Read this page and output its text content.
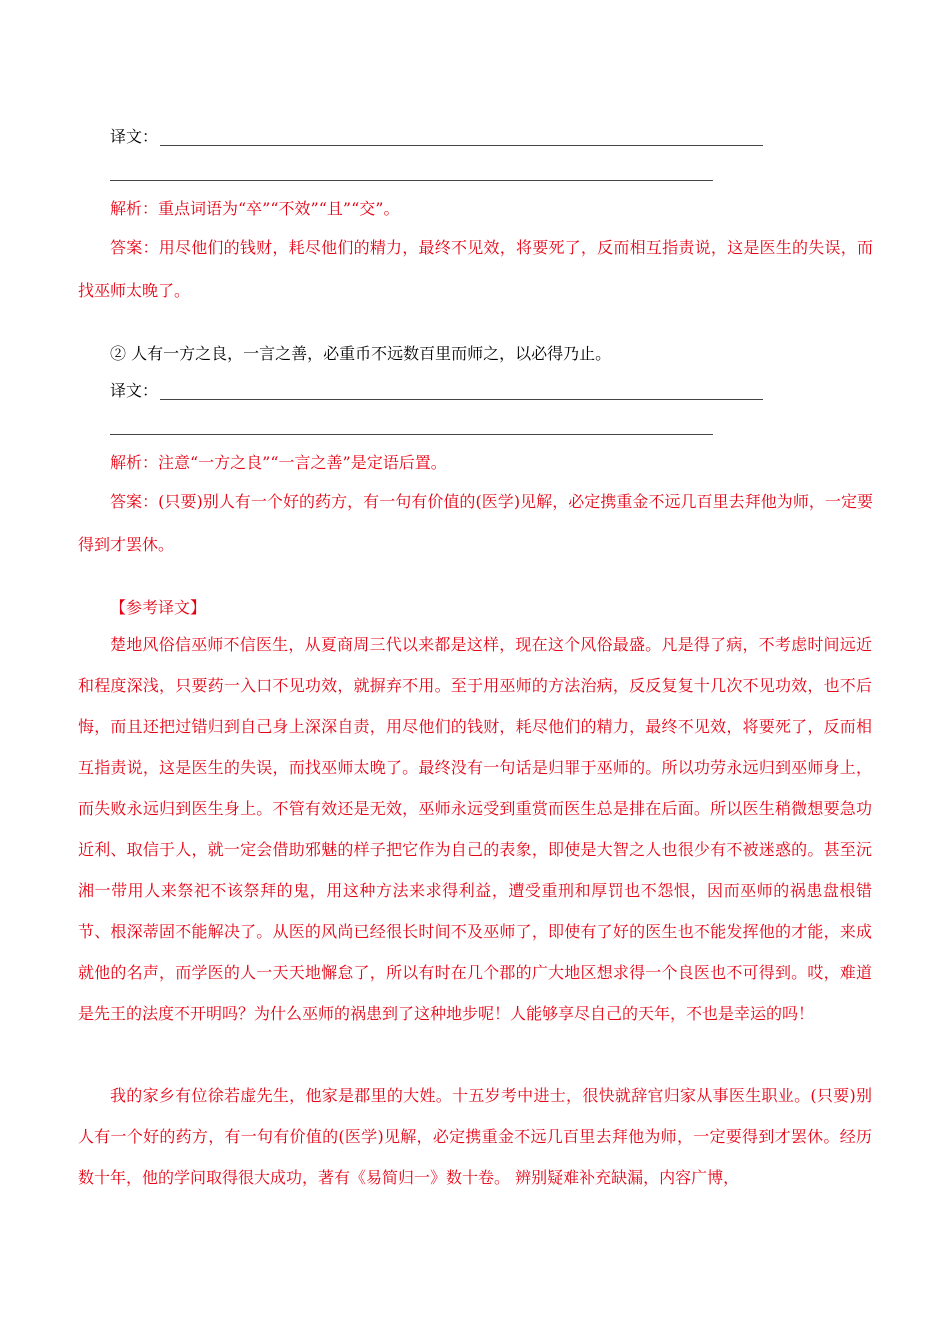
译文：

解析：重点词语为“卒”“不效”“且”“交”。

答案：用尽他们的钱财，耗尽他们的精力，最终不见效，将要死了，反而相互指责说，这是医生的失误，而找巫师太晚了。

② 人有一方之良，一言之善，必重币不远数百里而师之，以必得乃止。

译文：

解析：注意“一方之良”“一言之善”是定语后置。

答案：(只要)别人有一个好的药方，有一句有价值的(医学)见解，必定携重金不远几百里去拜他为师，一定要得到才罢休。

【参考译文】

楚地风俗信巫师不信医生，从夏商周三代以来都是这样，现在这个风俗最盛。凡是得了病，不考虑时间远近和程度深浅，只要药一入口不见功效，就摒弃不用。至于用巫师的方法治病，反反复复十几次不见功效，也不后悔，而且还把过错归到自己身上深深自责，用尽他们的钱财，耗尽他们的精力，最终不见效，将要死了，反而相互指责说，这是医生的失误，而找巫师太晚了。最终没有一句话是归罪于巫师的。所以功劳永远归到巫师身上，而失败永远归到医生身上。不管有效还是无效，巫师永远受到重赏而医生总是排在后面。所以医生稍微想要急功近利、取信于人，就一定会借助邪魅的样子把它作为自己的表象，即使是大智之人也很少有不被迷惑的。甚至沅湘一带用人来祭祀不该祭拜的鬼，用这种方法来求得利益，遭受重刑和厚罚也不怨恨，因而巫师的祸患盘根错节、根深蒂固不能解决了。从医的风尚已经很长时间不及巫师了，即使有了好的医生也不能发挥他的才能，来成就他的名声，而学医的人一天天地懈怠了，所以有时在几个郡的广大地区想求得一个良医也不可得到。哎，难道是先王的法度不开明吗？为什么巫师的祸患到了这种地步呢！人能够享尽自己的天年，不也是幸运的吗！

我的家乡有位徐若虚先生，他家是郡里的大姓。十五岁考中进士，很快就辞官归家从事医生职业。(只要)别人有一个好的药方，有一句有价值的(医学)见解，必定携重金不远几百里去拜他为师，一定要得到才罢休。经历数十年，他的学问取得很大成功，著有《易简归一》数十卷。 辨别疑难补充缺漏，内容广博，
